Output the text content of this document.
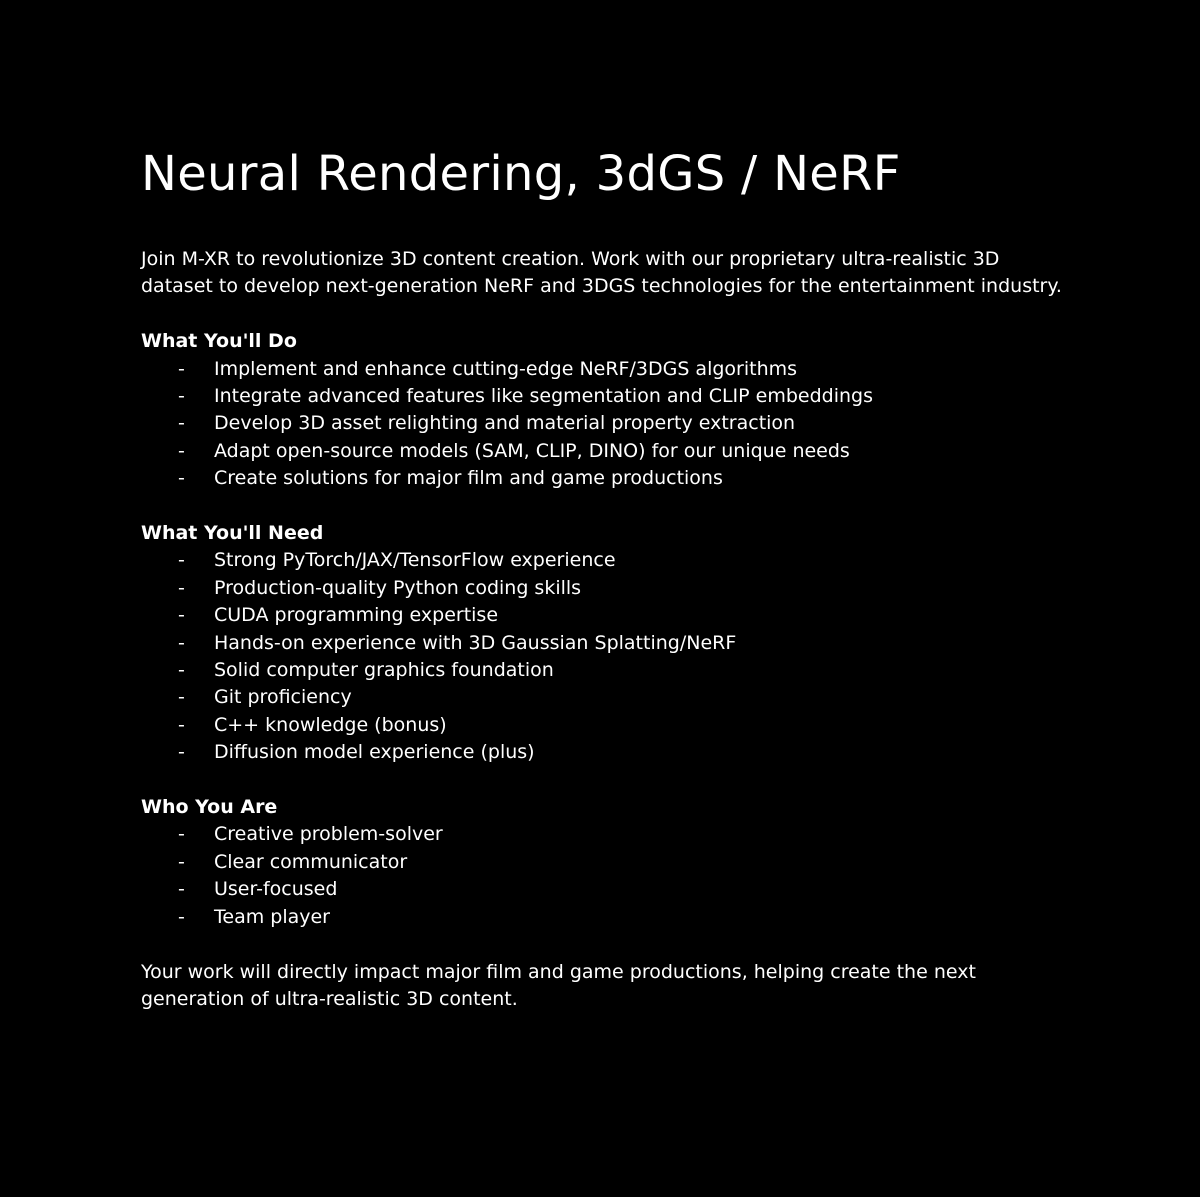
Neural Rendering, 3dGS / NeRF

Join M-XR to revolutionize 3D content creation. Work with our proprietary ultra-realistic 3D dataset to develop next-generation NeRF and 3DGS technologies for the entertainment industry.

What You'll Do
- Implement and enhance cutting-edge NeRF/3DGS algorithms
- Integrate advanced features like segmentation and CLIP embeddings
- Develop 3D asset relighting and material property extraction
- Adapt open-source models (SAM, CLIP, DINO) for our unique needs
- Create solutions for major film and game productions
What You'll Need
- Strong PyTorch/JAX/TensorFlow experience
- Production-quality Python coding skills
- CUDA programming expertise
- Hands-on experience with 3D Gaussian Splatting/NeRF
- Solid computer graphics foundation
- Git proficiency
- C++ knowledge (bonus)
- Diffusion model experience (plus)
Who You Are
- Creative problem-solver
- Clear communicator
- User-focused
- Team player

Your work will directly impact major film and game productions, helping create the next generation of ultra-realistic 3D content.
